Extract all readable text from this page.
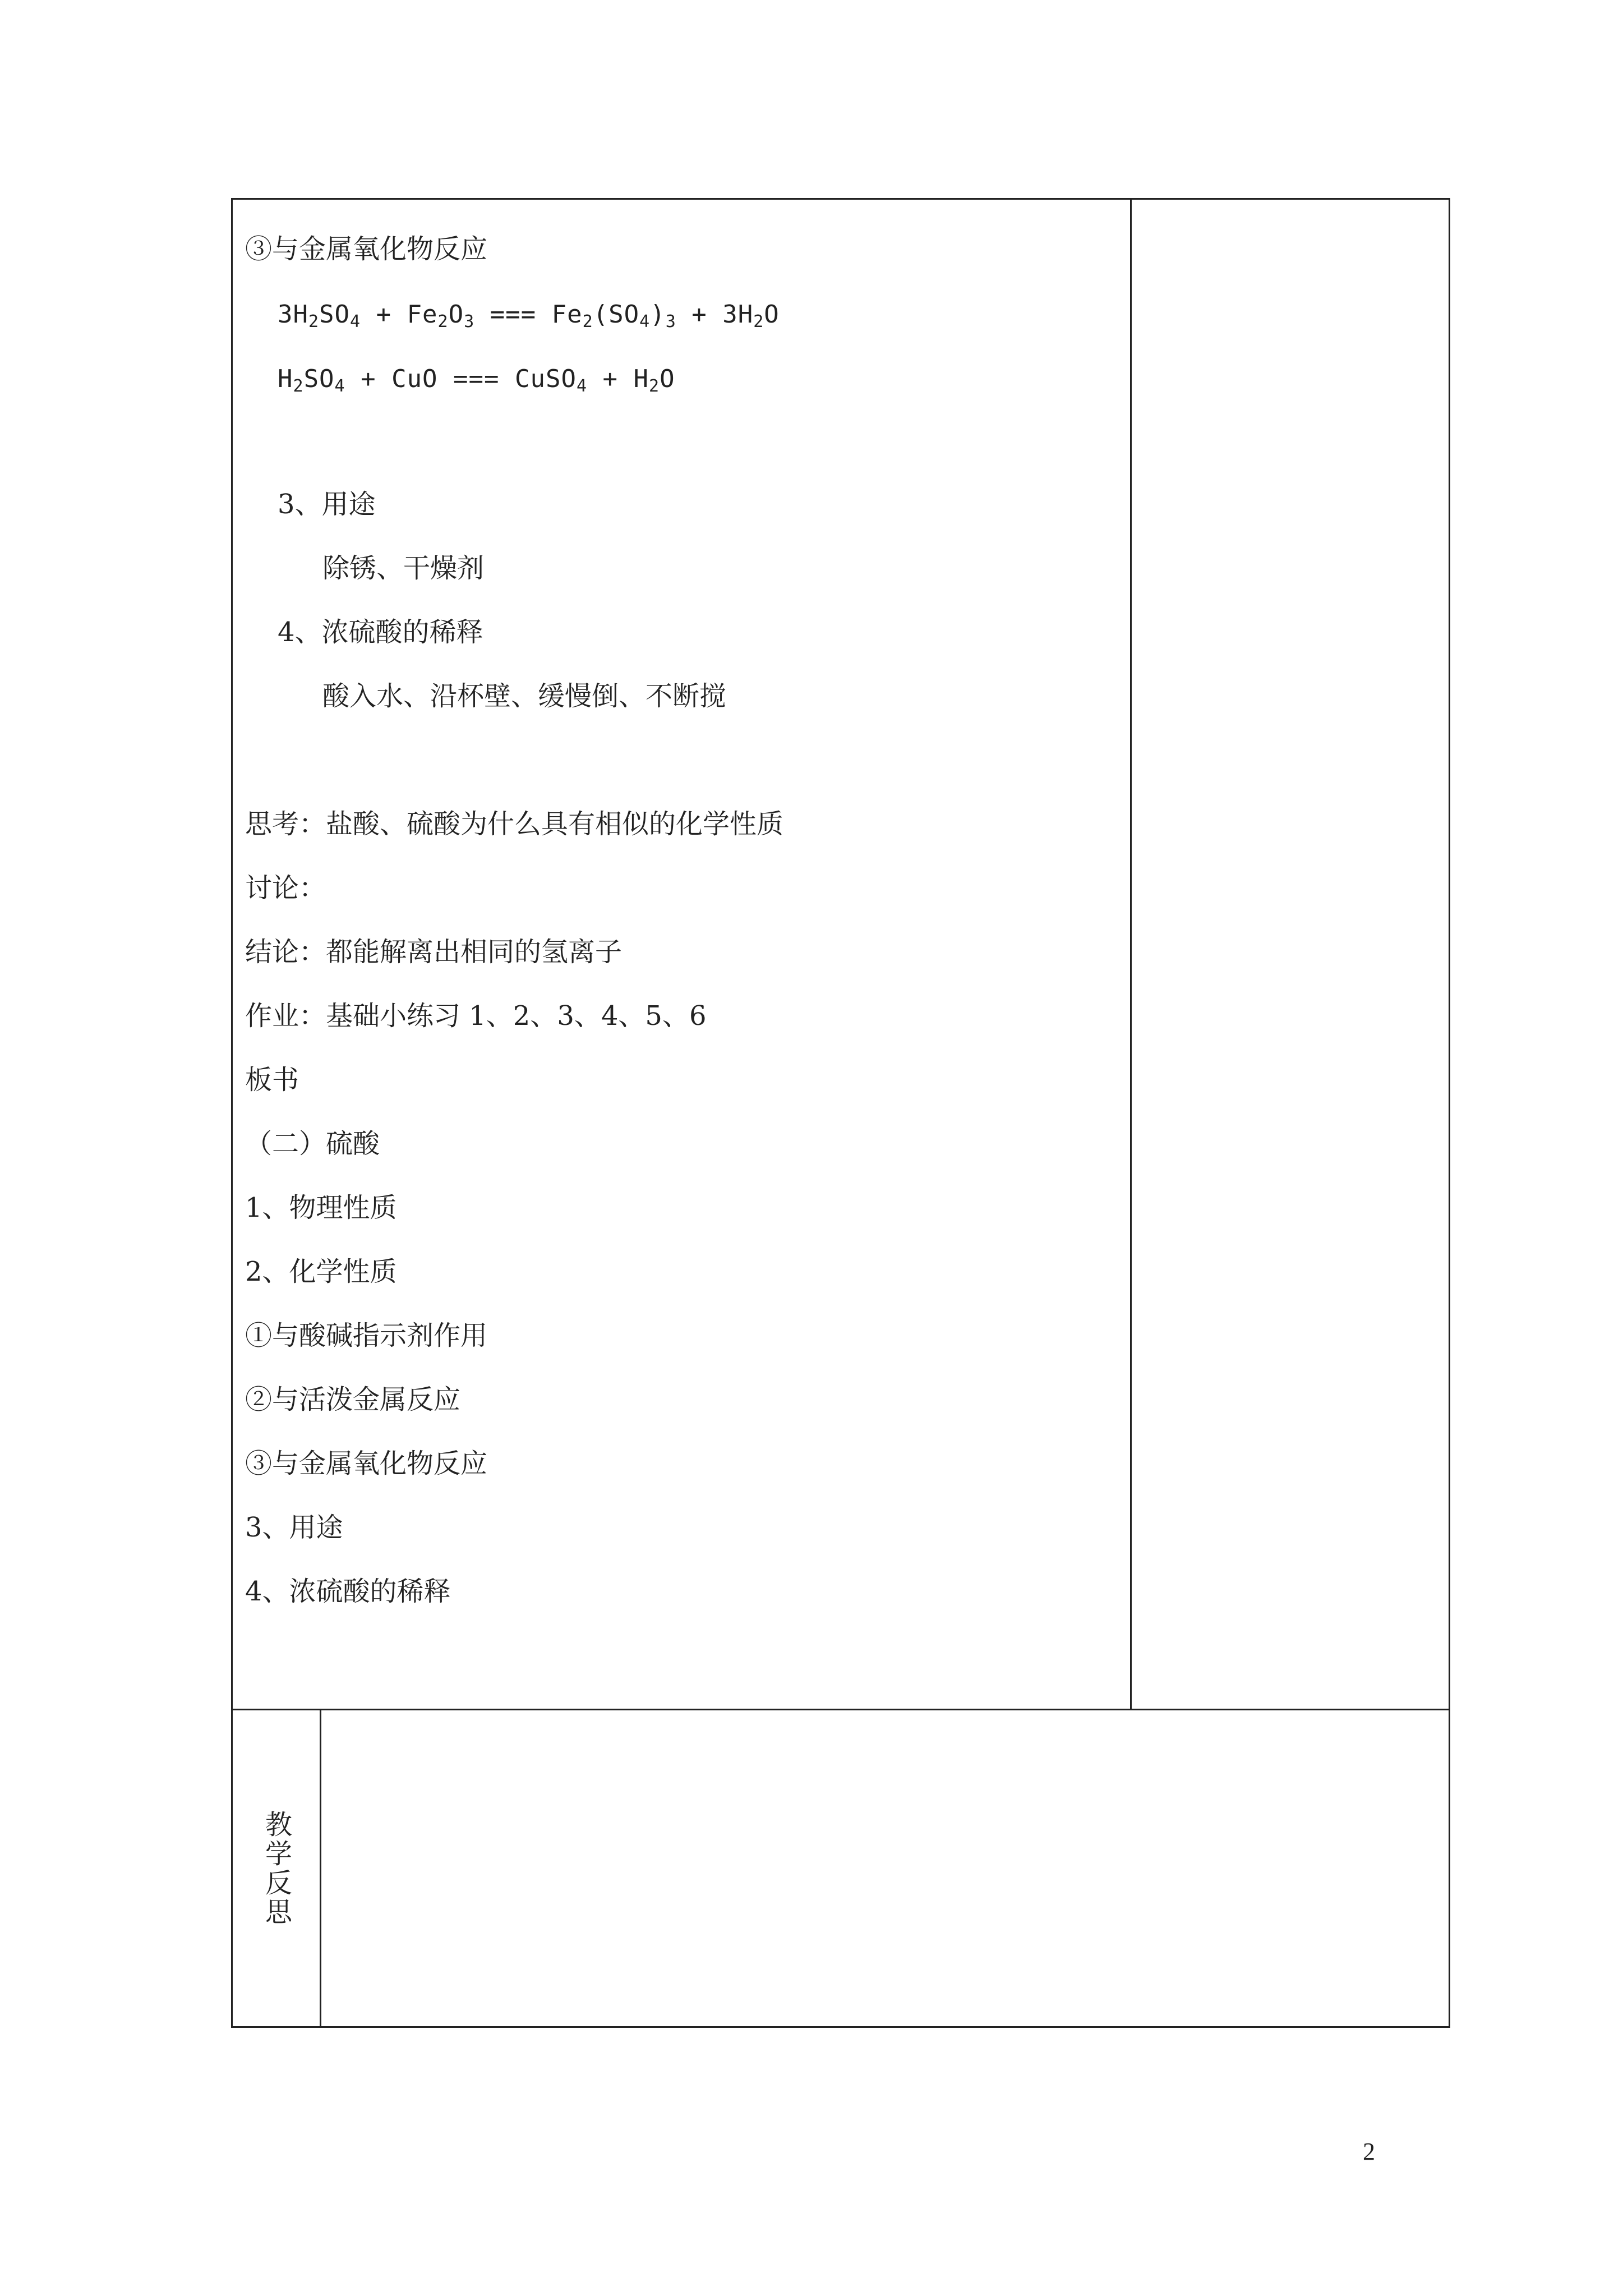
③与金属氧化物反应
$3H_2SO_4 + Fe_2O_3$ === $Fe_2(SO_4)_3 + 3H_2O$
$H_2SO_4$ + CuO === CuSO$_4$ + $H_2O$
3、用途
除锈、干燥剂
4、浓硫酸的稀释
酸入水、沿杯壁、缓慢倒、不断搅
思考：盐酸、硫酸为什么具有相似的化学性质
讨论：
结论：都能解离出相同的氢离子
作业：基础小练习 1、2、3、4、5、6
板书
（二）硫酸
1、物理性质
2、化学性质
①与酸碱指示剂作用
②与活泼金属反应
③与金属氧化物反应
3、用途
4、浓硫酸的稀释
教学反思
2
